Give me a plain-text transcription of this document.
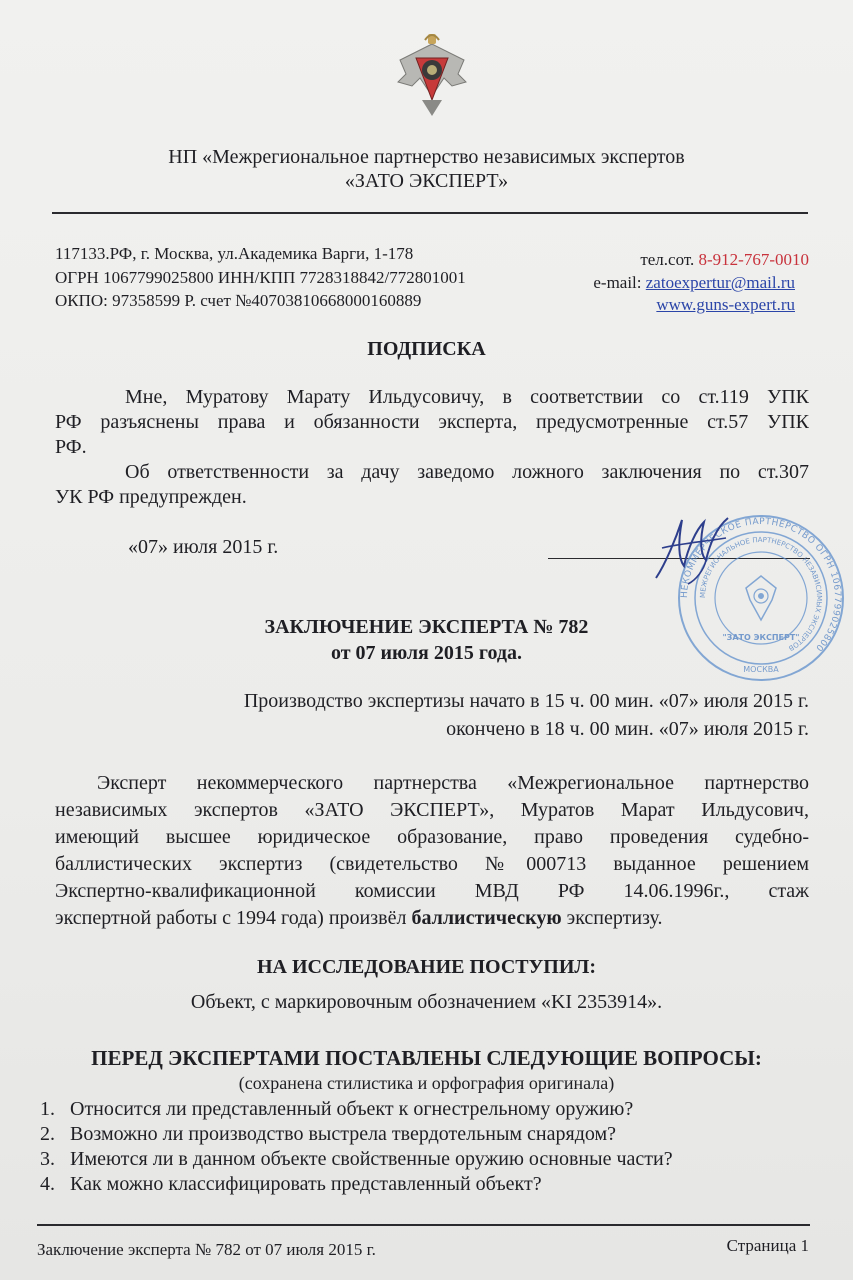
НП «Межрегиональное партнерство независимых экспертов
«ЗАТО ЭКСПЕРТ»
117133.РФ, г. Москва, ул.Академика Варги, 1-178
ОГРН 1067799025800 ИНН/КПП 7728318842/772801001
ОКПО: 97358599 Р. счет №40703810668000160889
тел.сот. 8-912-767-0010
e-mail: zatoexpertur@mail.ru
www.guns-expert.ru
ПОДПИСКА
Мне, Муратову Марату Ильдусовичу, в соответствии со ст.119 УПК
РФ разъяснены права и обязанности эксперта, предусмотренные ст.57 УПК
РФ.
Об ответственности за дачу заведомо ложного заключения по ст.307
УК РФ предупрежден.
«07» июля 2015 г.
НЕКОММЕРЧЕСКОЕ ПАРТНЕРСТВО ОГРН 1067799025800
МЕЖРЕГИОНАЛЬНОЕ ПАРТНЕРСТВО НЕЗАВИСИМЫХ ЭКСПЕРТОВ
"ЗАТО ЭКСПЕРТ"
МОСКВА
ЗАКЛЮЧЕНИЕ ЭКСПЕРТА № 782
от 07 июля 2015 года.
Производство экспертизы начато в 15 ч. 00 мин. «07» июля 2015 г.
окончено в 18 ч. 00 мин. «07» июля 2015 г.
Эксперт некоммерческого партнерства «Межрегиональное партнерство
независимых экспертов «ЗАТО ЭКСПЕРТ», Муратов Марат Ильдусович,
имеющий высшее юридическое образование, право проведения судебно-
баллистических экспертиз (свидетельство №000713 выданное решением
Экспертно-квалификационной комиссии МВД РФ 14.06.1996г., стаж
экспертной работы с 1994 года) произвёл баллистическую экспертизу.
НА ИССЛЕДОВАНИЕ ПОСТУПИЛ:
Объект, с маркировочным обозначением «KI 2353914».
ПЕРЕД ЭКСПЕРТАМИ ПОСТАВЛЕНЫ СЛЕДУЮЩИЕ ВОПРОСЫ:
(сохранена стилистика и орфография оригинала)
1. Относится ли представленный объект к огнестрельному оружию?
2. Возможно ли производство выстрела твердотельным снарядом?
3. Имеются ли в данном объекте свойственные оружию основные части?
4. Как можно классифицировать представленный объект?
Заключение эксперта № 782 от 07 июля 2015 г.	Страница 1
